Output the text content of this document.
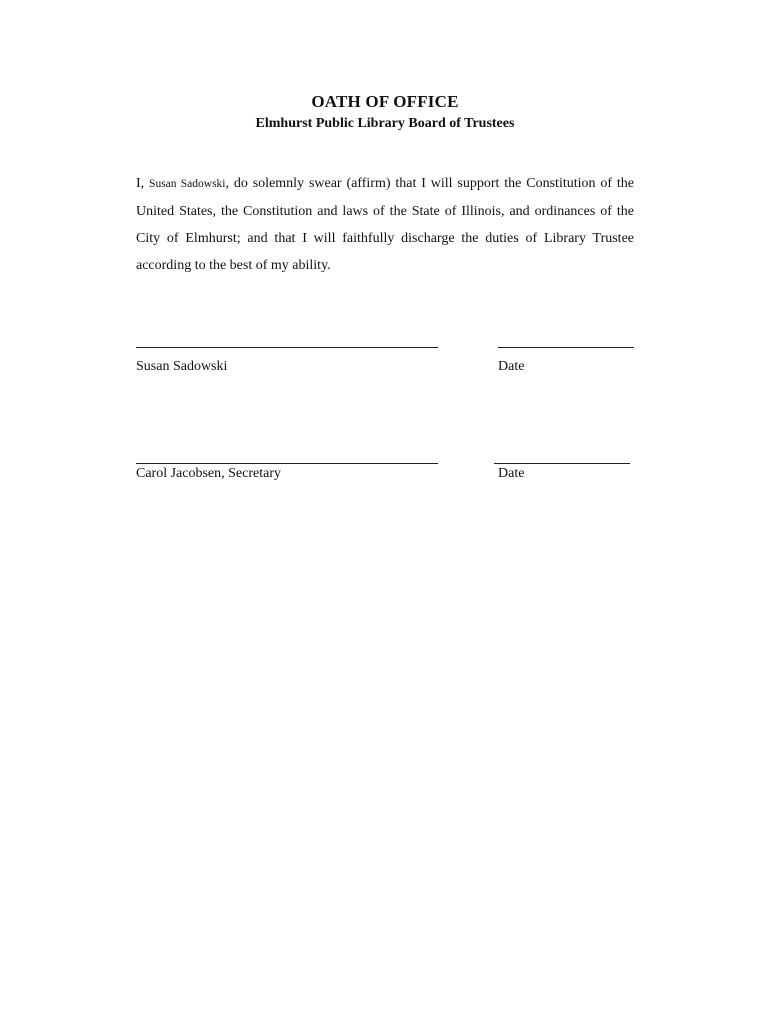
OATH OF OFFICE
Elmhurst Public Library Board of Trustees
I, Susan Sadowski, do solemnly swear (affirm) that I will support the Constitution of the United States, the Constitution and laws of the State of Illinois, and ordinances of the City of Elmhurst; and that I will faithfully discharge the duties of Library Trustee according to the best of my ability.
Susan Sadowski	Date
Carol Jacobsen, Secretary	Date
